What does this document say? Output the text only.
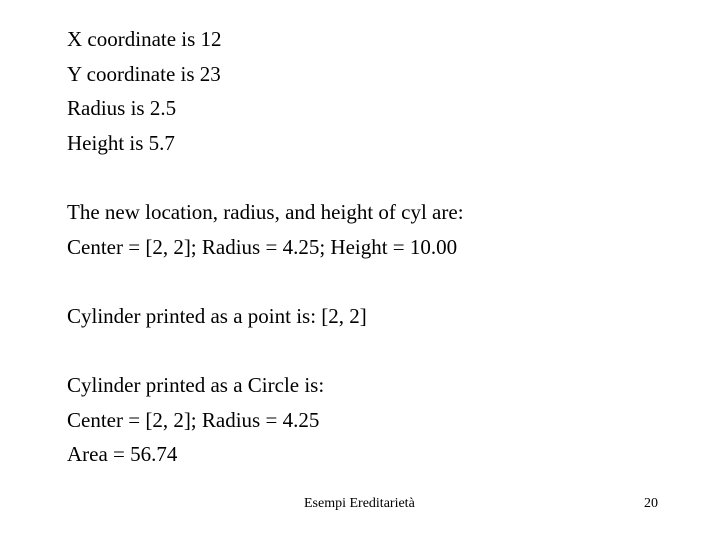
X coordinate is 12
Y coordinate is 23
Radius is 2.5
Height is 5.7
The new location, radius, and height of cyl are:
Center = [2, 2]; Radius = 4.25; Height = 10.00
Cylinder printed as a point is: [2, 2]
Cylinder printed as a Circle is:
Center = [2, 2]; Radius = 4.25
Area = 56.74
Esempi Ereditarietà	20
